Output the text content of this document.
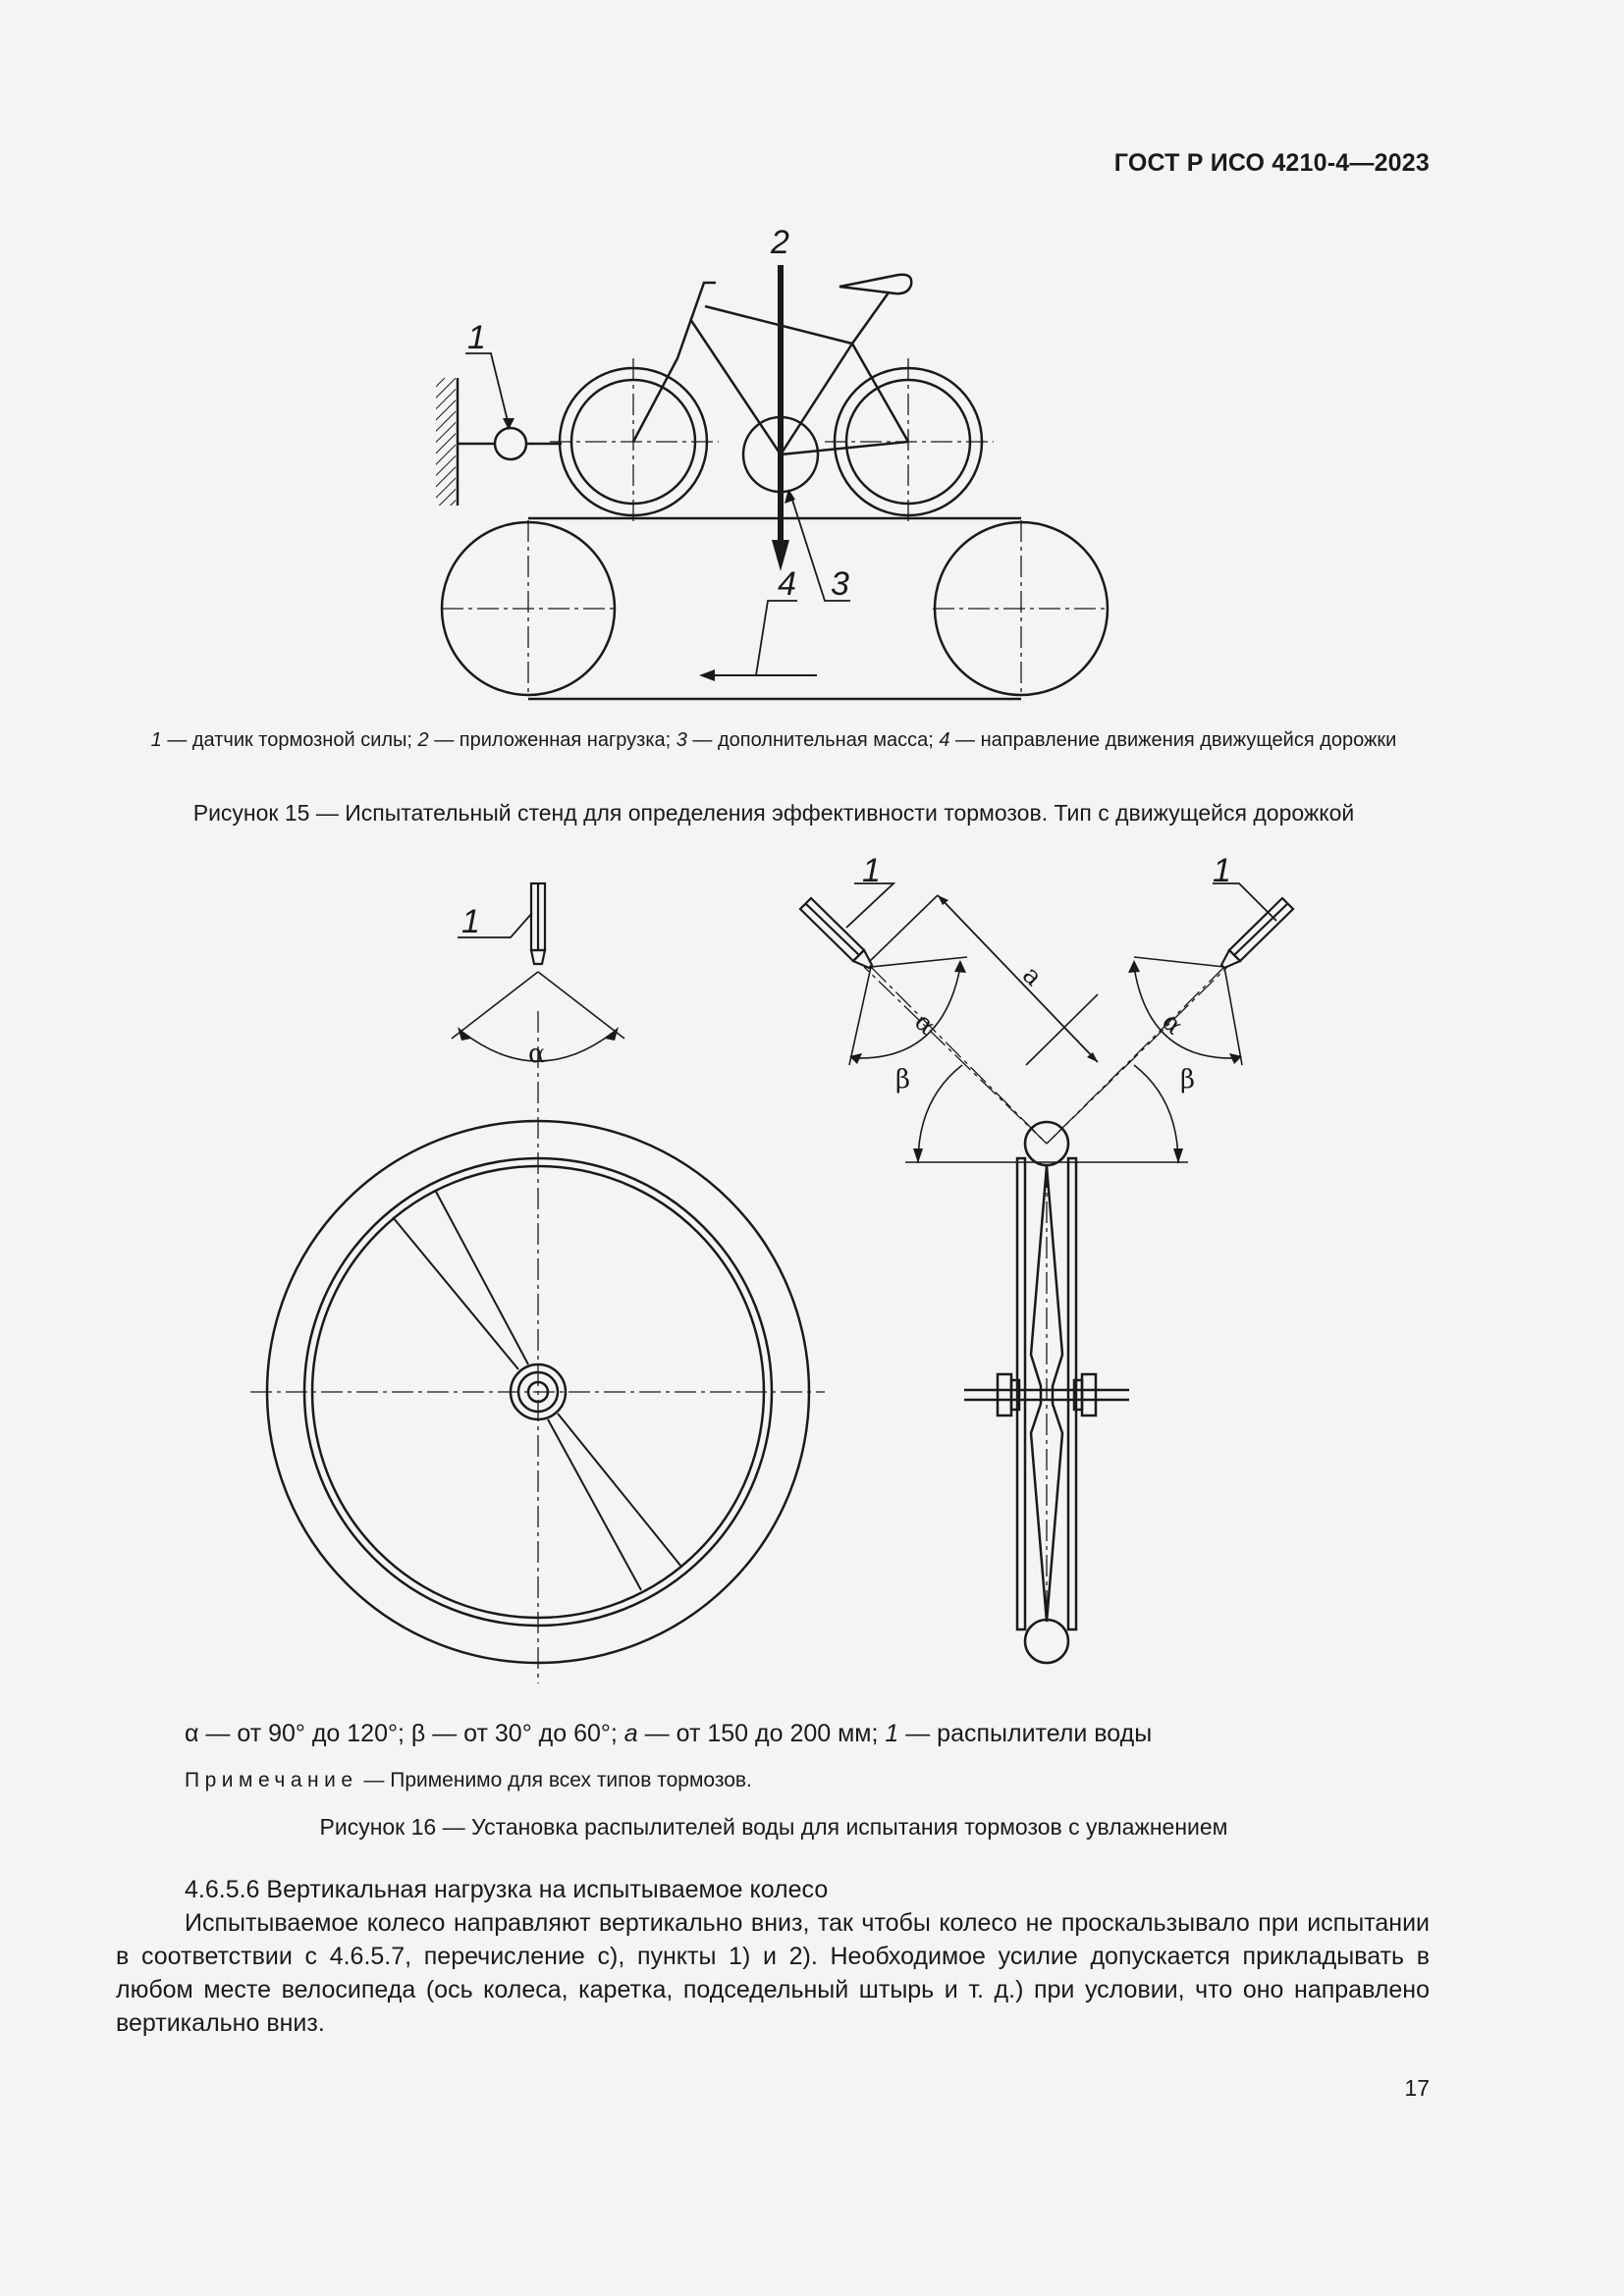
ГОСТ Р ИСО 4210-4—2023
1
2
3
4
1 — датчик тормозной силы; 2 — приложенная нагрузка; 3 — дополнительная масса; 4 — направление движения движущейся дорожки
Рисунок 15 — Испытательный стенд для определения эффективности тормозов. Тип с движущейся дорожкой
1
α
1
a
α
β
1
α
β
α — от 90° до 120°; β — от 30° до 60°; a — от 150 до 200 мм; 1 — распылители воды
Примечание — Применимо для всех типов тормозов.
Рисунок 16 — Установка распылителей воды для испытания тормозов с увлажнением
4.6.5.6 Вертикальная нагрузка на испытываемое колесо
Испытываемое колесо направляют вертикально вниз, так чтобы колесо не проскальзывало при испытании в соответствии с 4.6.5.7, перечисление с), пункты 1) и 2). Необходимое усилие допускается прикладывать в любом месте велосипеда (ось колеса, каретка, подседельный штырь и т. д.) при условии, что оно направлено вертикально вниз.
17
